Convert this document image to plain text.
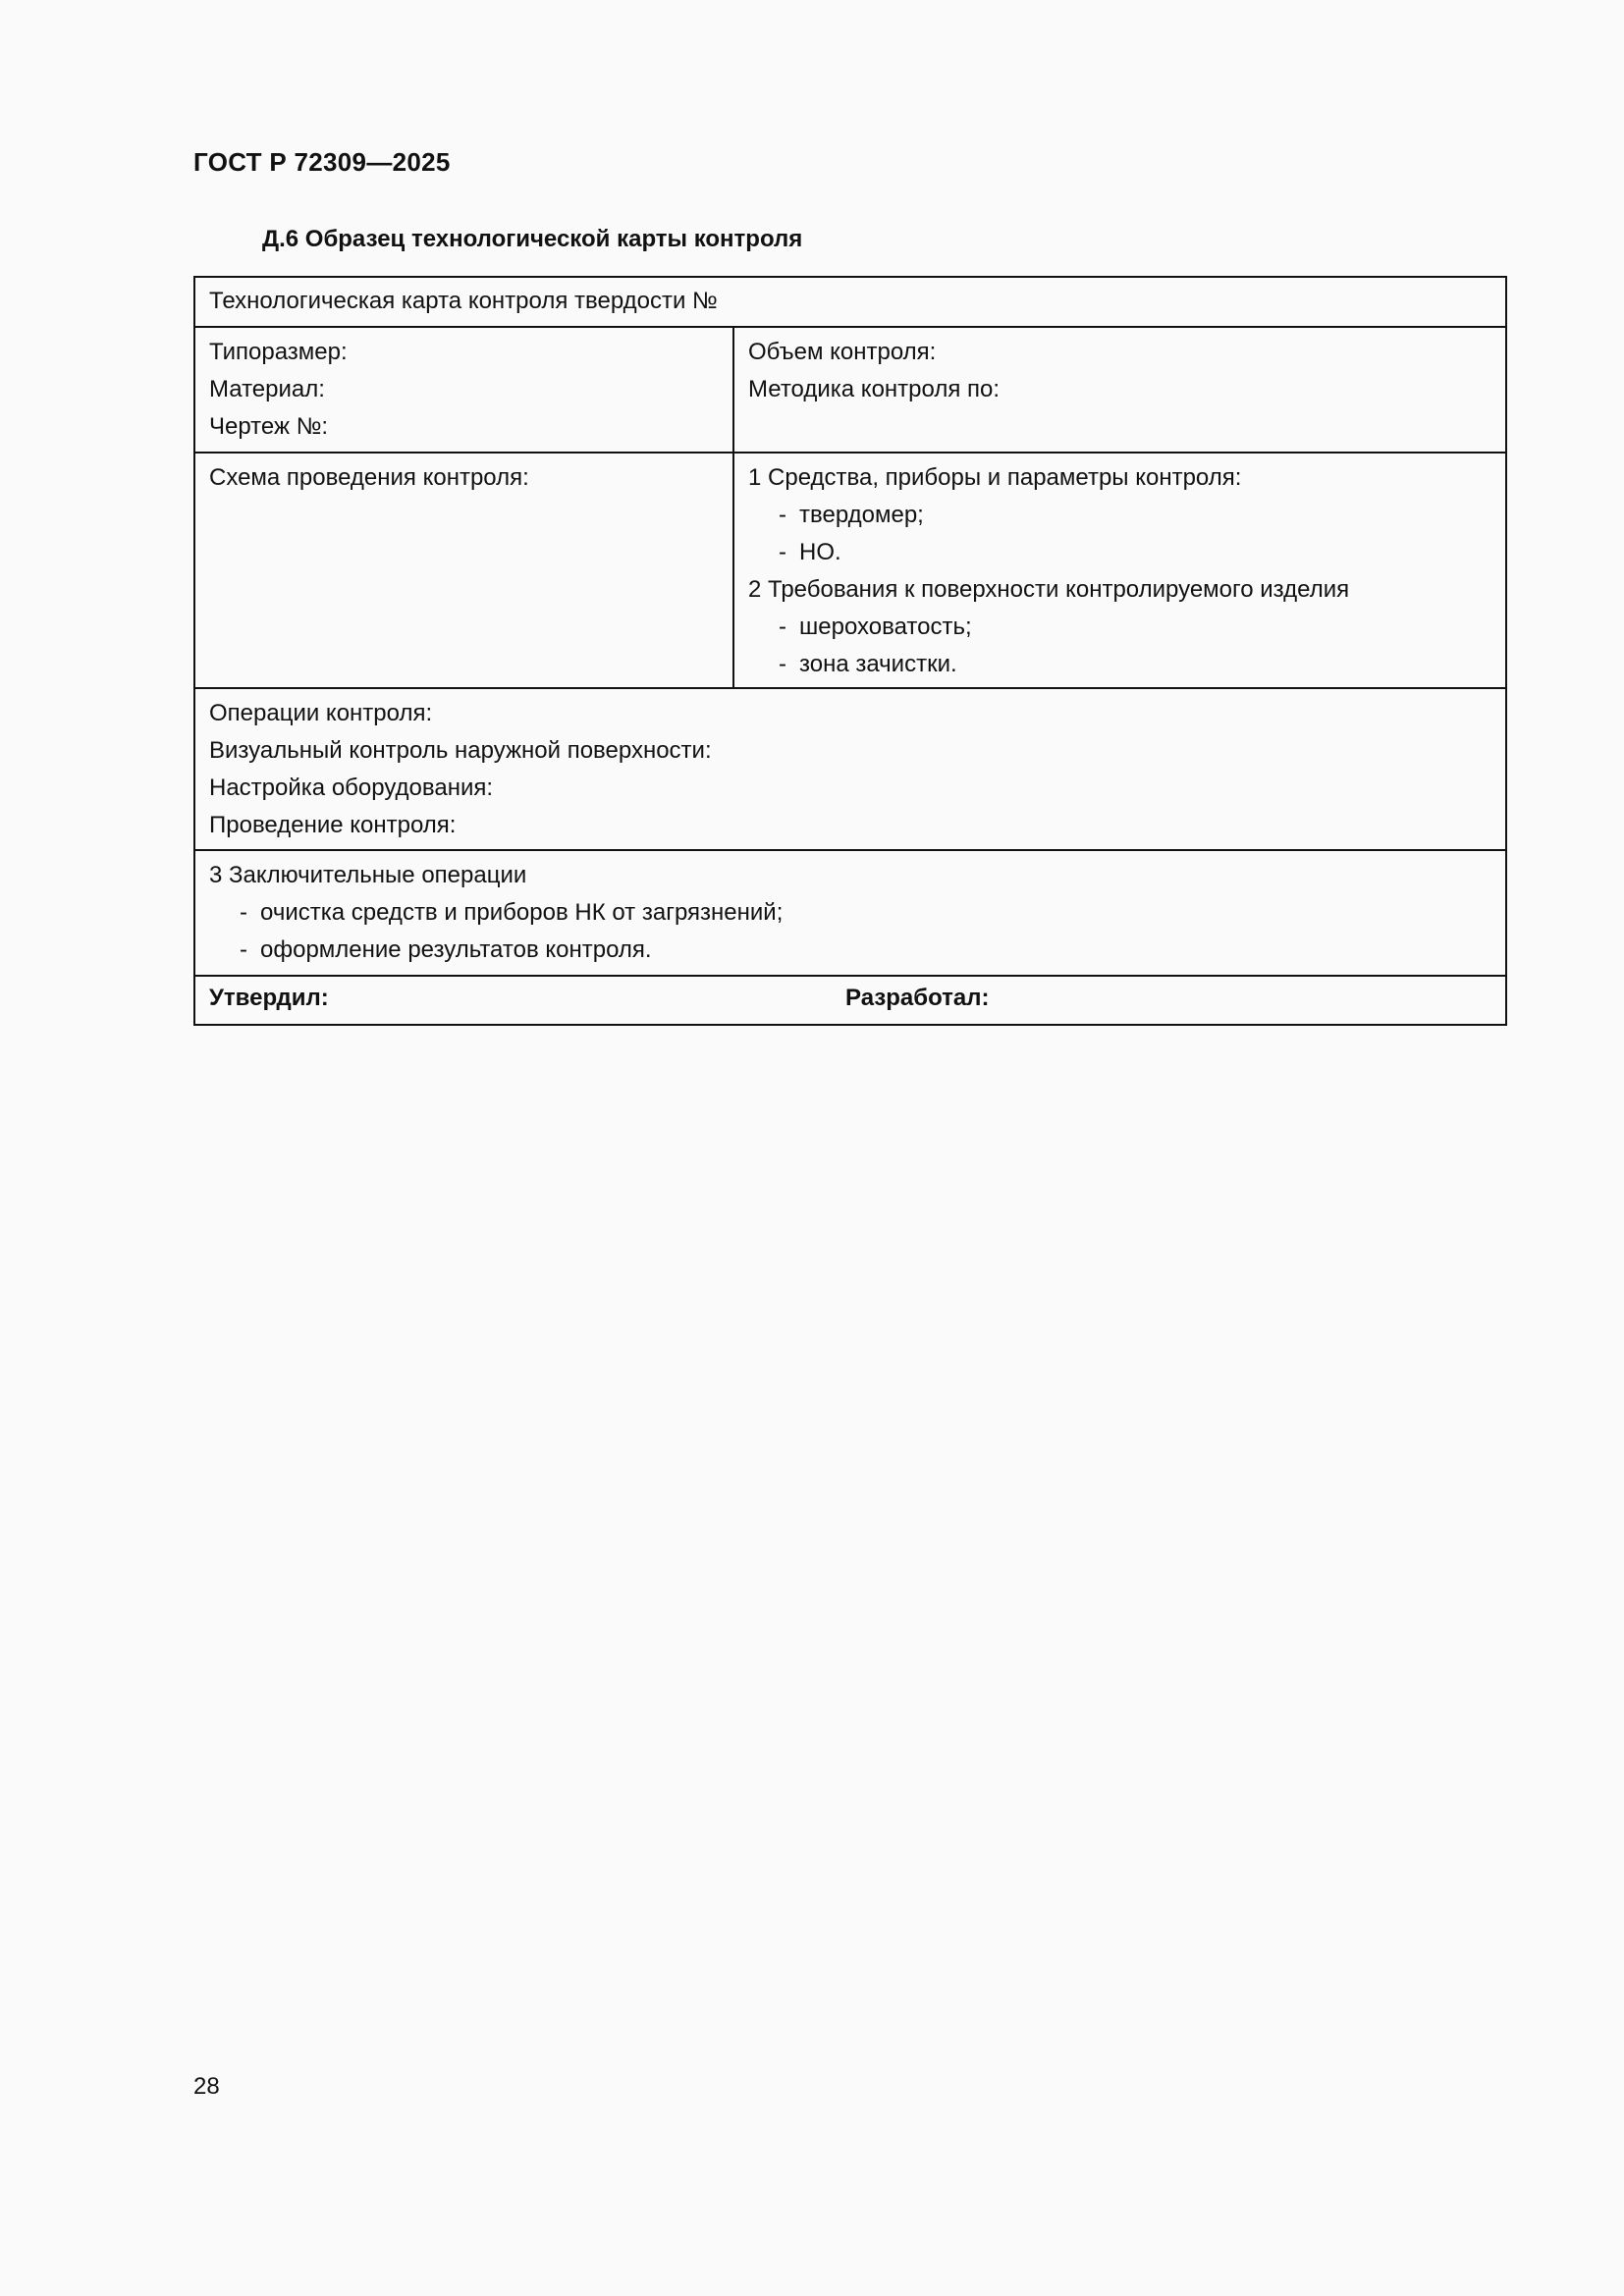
ГОСТ Р 72309—2025
Д.6 Образец технологической карты контроля
Технологическая карта контроля твердости №
Типоразмер:
Материал:
Чертеж №:
Объем контроля:
Методика контроля по:
Схема проведения контроля:	1 Средства, приборы и параметры контроля:
- твердомер;
- НО.
2 Требования к поверхности контролируемого изделия
- шероховатость;
- зона зачистки.
Операции контроля:
Визуальный контроль наружной поверхности:
Настройка оборудования:
Проведение контроля:
3 Заключительные операции
- очистка средств и приборов НК от загрязнений;
- оформление результатов контроля.
Утвердил:	Разработал:
28
